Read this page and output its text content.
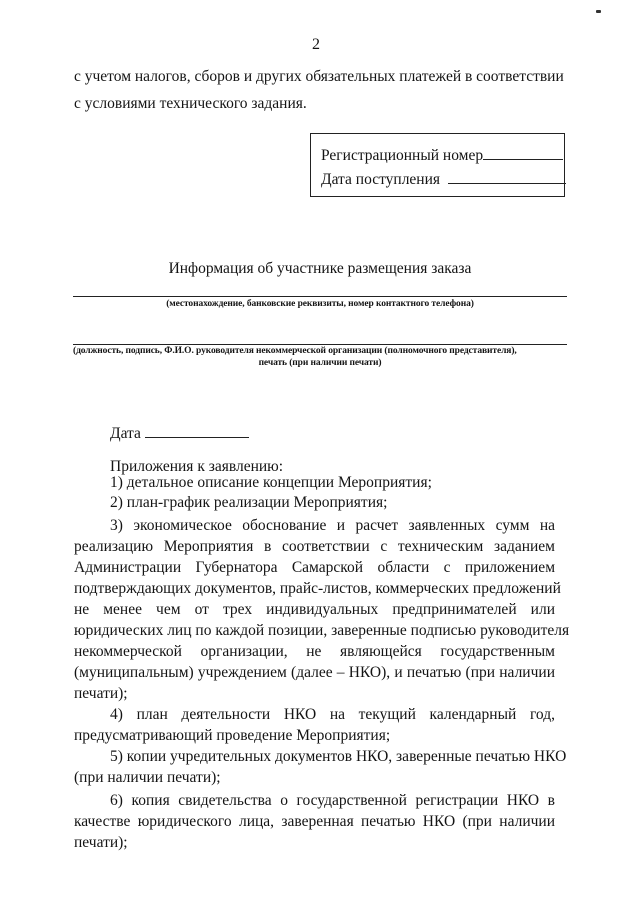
2
с учетом налогов, сборов и других обязательных платежей в соответствии
с условиями технического задания.
Регистрационный номер
Дата поступления
Информация об участнике размещения заказа
(местонахождение, банковские реквизиты, номер контактного телефона)
(должность, подпись, Ф.И.О. руководителя некоммерческой организации (полномочного представителя),
печать (при наличии печати)
Дата
Приложения к заявлению:
1) детальное описание концепции Мероприятия;
2) план-график реализации Мероприятия;
3) экономическое обоснование и расчет заявленных сумм на
реализацию Мероприятия в соответствии с техническим заданием
Администрации Губернатора Самарской области с приложением
подтверждающих документов, прайс-листов, коммерческих предложений
не менее чем от трех индивидуальных предпринимателей или
юридических лиц по каждой позиции, заверенные подписью руководителя
некоммерческой организации, не являющейся государственным
(муниципальным) учреждением (далее – НКО), и печатью (при наличии
печати);
4) план деятельности НКО на текущий календарный год,
предусматривающий проведение Мероприятия;
5) копии учредительных документов НКО, заверенные печатью НКО
(при наличии печати);
6) копия свидетельства о государственной регистрации НКО в
качестве юридического лица, заверенная печатью НКО (при наличии
печати);
